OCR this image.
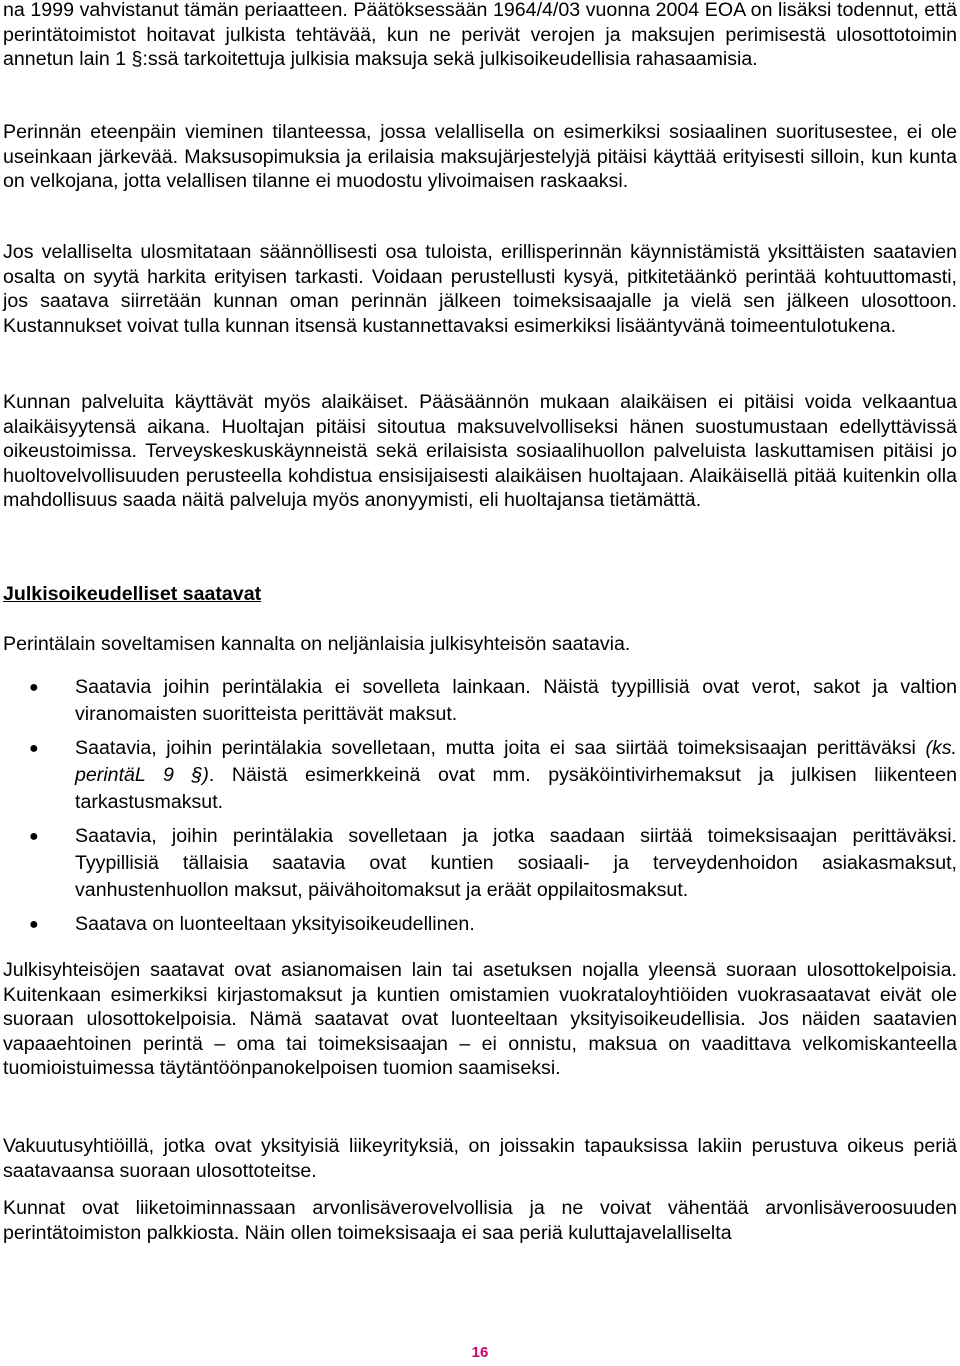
na 1999 vahvistanut tämän periaatteen. Päätöksessään 1964/4/03 vuonna 2004 EOA on lisäksi todennut, että perintätoimistot hoitavat julkista tehtävää, kun ne perivät verojen ja maksujen perimisestä ulosottotoimin annetun lain 1 §:ssä tarkoitettuja julkisia maksuja sekä julkisoikeudellisia rahasaamisia.

Perinnän eteenpäin vieminen tilanteessa, jossa velallisella on esimerkiksi sosiaalinen suoritusestee, ei ole useinkaan järkevää. Maksusopimuksia ja erilaisia maksujärjestelyjä pitäisi käyttää erityisesti silloin, kun kunta on velkojana, jotta velallisen tilanne ei muodostu ylivoimaisen raskaaksi.

Jos velalliselta ulosmitataan säännöllisesti osa tuloista, erillisperinnän käynnistämistä yksittäisten saatavien osalta on syytä harkita erityisen tarkasti. Voidaan perustellusti kysyä, pitkitetäänkö perintää kohtuuttomasti, jos saatava siirretään kunnan oman perinnän jälkeen toimeksisaajalle ja vielä sen jälkeen ulosottoon. Kustannukset voivat tulla kunnan itsensä kustannettavaksi esimerkiksi lisääntyvänä toimeentulotukena.

Kunnan palveluita käyttävät myös alaikäiset. Pääsäännön mukaan alaikäisen ei pitäisi voida velkaantua alaikäisyytensä aikana. Huoltajan pitäisi sitoutua maksuvelvolliseksi hänen suostumustaan edellyttävissä oikeustoimissa. Terveyskeskuskäynneistä sekä erilaisista sosiaalihuollon palveluista laskuttamisen pitäisi jo huoltovelvollisuuden perusteella kohdistua ensisijaisesti alaikäisen huoltajaan. Alaikäisellä pitää kuitenkin olla mahdollisuus saada näitä palveluja myös anonyymisti, eli huoltajansa tietämättä.

Julkisoikeudelliset saatavat

Perintälain soveltamisen kannalta on neljänlaisia julkisyhteisön saatavia.

● Saatavia joihin perintälakia ei sovelleta lainkaan. Näistä tyypillisiä ovat verot, sakot ja valtion viranomaisten suoritteista perittävät maksut.
● Saatavia, joihin perintälakia sovelletaan, mutta joita ei saa siirtää toimeksisaajan perittäväksi (ks. perintäL 9 §). Näistä esimerkkeinä ovat mm. pysäköintivirhemaksut ja julkisen liikenteen tarkastusmaksut.
● Saatavia, joihin perintälakia sovelletaan ja jotka saadaan siirtää toimeksisaajan perittäväksi. Tyypillisiä tällaisia saatavia ovat kuntien sosiaali- ja terveydenhoidon asiakasmaksut, vanhustenhuollon maksut, päivähoitomaksut ja eräät oppilaitosmaksut.
● Saatava on luonteeltaan yksityisoikeudellinen.

Julkisyhteisöjen saatavat ovat asianomaisen lain tai asetuksen nojalla yleensä suoraan ulosottokelpoisia. Kuitenkaan esimerkiksi kirjastomaksut ja kuntien omistamien vuokrataloyhtiöiden vuokrasaatavat eivät ole suoraan ulosottokelpoisia. Nämä saatavat ovat luonteeltaan yksityisoikeudellisia. Jos näiden saatavien vapaaehtoinen perintä – oma tai toimeksisaajan – ei onnistu, maksua on vaadittava velkomiskanteella tuomioistuimessa täytäntöönpanokelpoisen tuomion saamiseksi.

Vakuutusyhtiöillä, jotka ovat yksityisiä liikeyrityksiä, on joissakin tapauksissa lakiin perustuva oikeus periä saatavaansa suoraan ulosottoteitse.

Kunnat ovat liiketoiminnassaan arvonlisäverovelvollisia ja ne voivat vähentää arvonlisäveroosuuden perintätoimiston palkkiosta. Näin ollen toimeksisaaja ei saa periä kuluttajavelalliselta

16
